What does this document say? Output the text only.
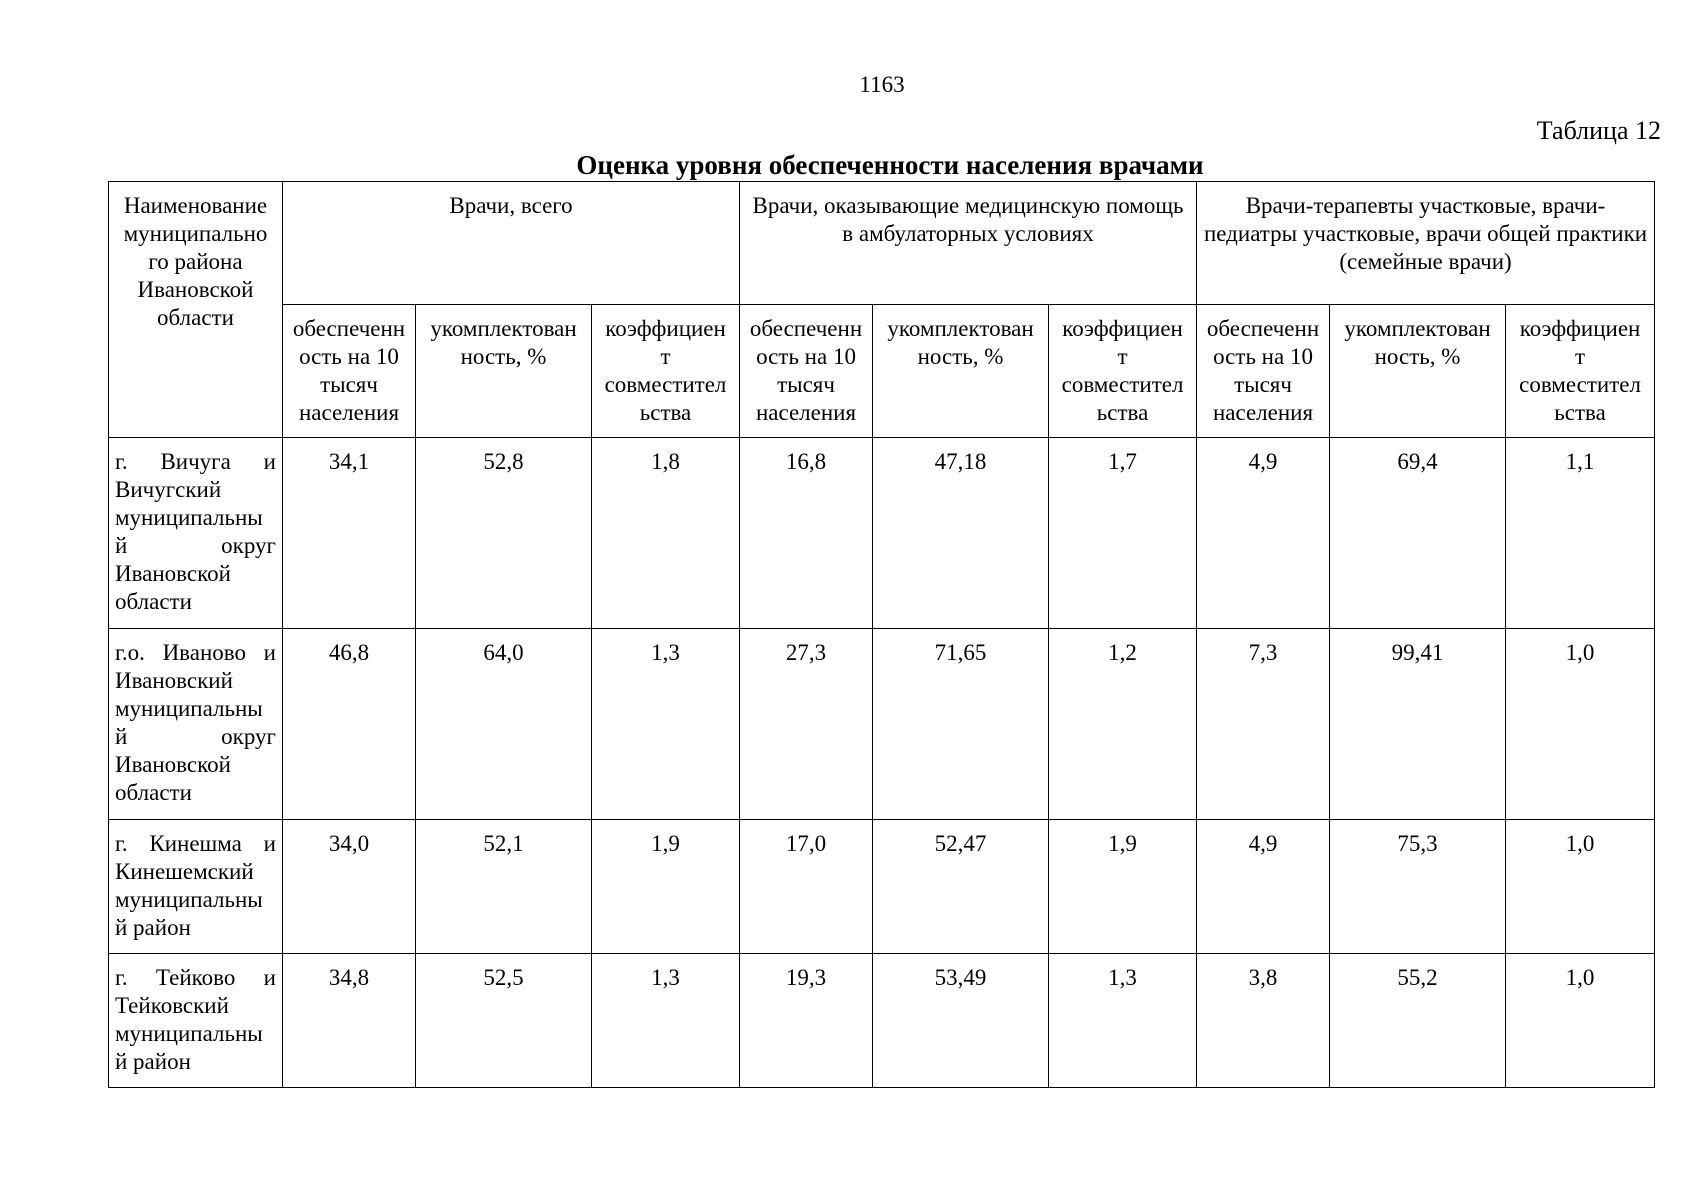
1163
Таблица 12
Оценка уровня обеспеченности населения врачами
Наименование муниципально го района Ивановской области	Врачи, всего			Врачи, оказывающие медицинскую помощь в амбулаторных условиях			Врачи-терапевты участковые, врачи-педиатры участковые, врачи общей практики (семейные врачи)		
	обеспеченн ость на 10 тысяч населения	укомплектован ность, %	коэффициен т совместител ьства	обеспеченн ость на 10 тысяч населения	укомплектован ность, %	коэффициен т совместител ьства	обеспеченн ость на 10 тысяч населения	укомплектован ность, %	коэффициен т совместител ьства
г. Вичуга и Вичугский муниципальны й округ Ивановской области	34,1	52,8	1,8	16,8	47,18	1,7	4,9	69,4	1,1
г.о. Иваново и Ивановский муниципальны й округ Ивановской области	46,8	64,0	1,3	27,3	71,65	1,2	7,3	99,41	1,0
г. Кинешма и Кинешемский муниципальны й район	34,0	52,1	1,9	17,0	52,47	1,9	4,9	75,3	1,0
г. Тейково и Тейковский муниципальны й район	34,8	52,5	1,3	19,3	53,49	1,3	3,8	55,2	1,0
